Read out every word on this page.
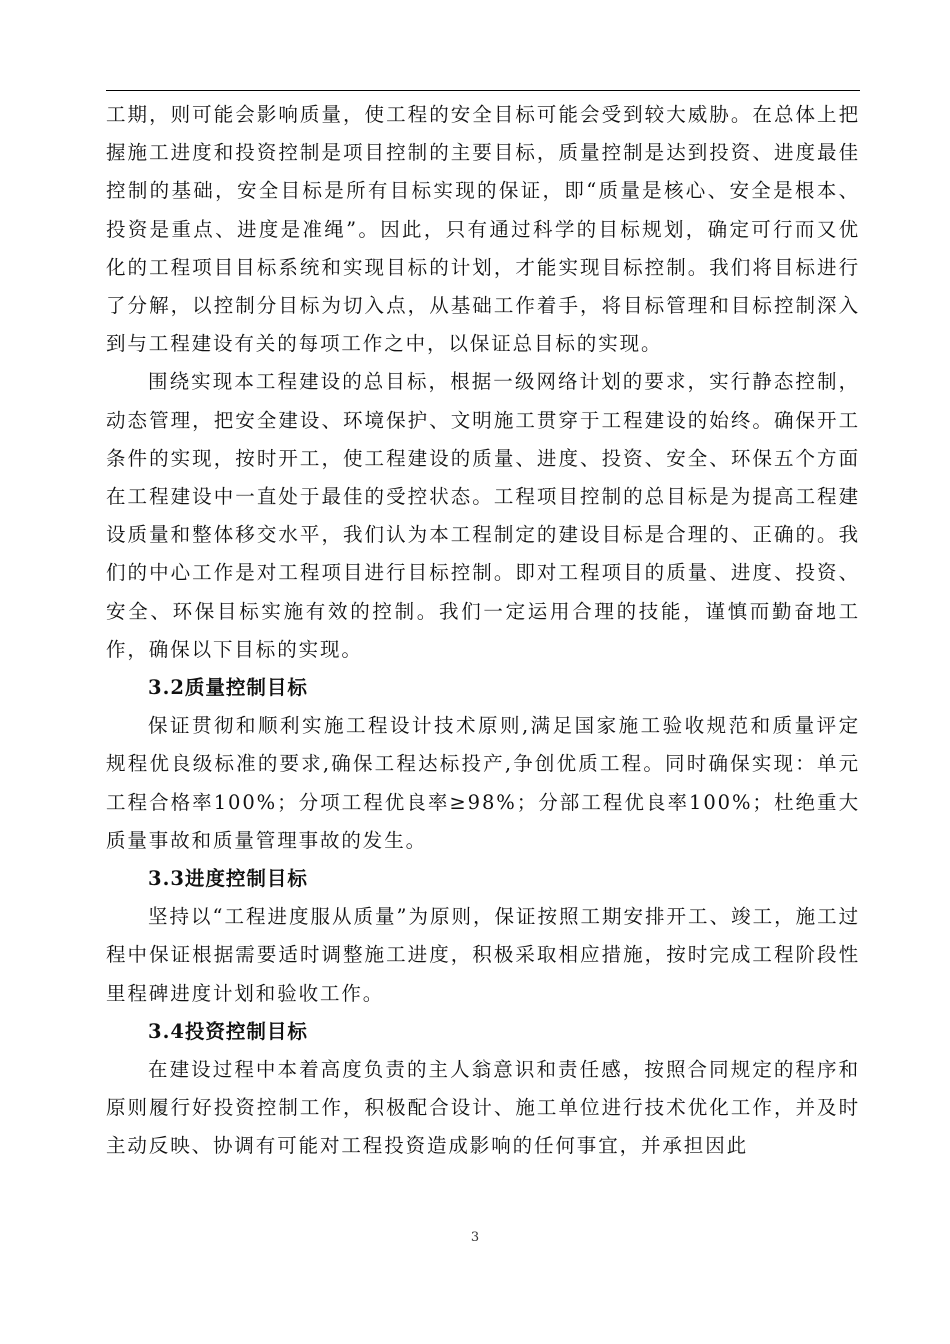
工期，则可能会影响质量，使工程的安全目标可能会受到较大威胁。在总体上把握施工进度和投资控制是项目控制的主要目标，质量控制是达到投资、进度最佳控制的基础，安全目标是所有目标实现的保证，即“质量是核心、安全是根本、投资是重点、进度是准绳”。因此，只有通过科学的目标规划，确定可行而又优化的工程项目目标系统和实现目标的计划，才能实现目标控制。我们将目标进行了分解，以控制分目标为切入点，从基础工作着手，将目标管理和目标控制深入到与工程建设有关的每项工作之中，以保证总目标的实现。

围绕实现本工程建设的总目标，根据一级网络计划的要求，实行静态控制，动态管理，把安全建设、环境保护、文明施工贯穿于工程建设的始终。确保开工条件的实现，按时开工，使工程建设的质量、进度、投资、安全、环保五个方面在工程建设中一直处于最佳的受控状态。工程项目控制的总目标是为提高工程建设质量和整体移交水平，我们认为本工程制定的建设目标是合理的、正确的。我们的中心工作是对工程项目进行目标控制。即对工程项目的质量、进度、投资、安全、环保目标实施有效的控制。我们一定运用合理的技能，谨慎而勤奋地工作，确保以下目标的实现。

3.2质量控制目标

保证贯彻和顺利实施工程设计技术原则,满足国家施工验收规范和质量评定规程优良级标准的要求,确保工程达标投产,争创优质工程。同时确保实现：单元工程合格率100%；分项工程优良率≥98%；分部工程优良率100%；杜绝重大质量事故和质量管理事故的发生。

3.3进度控制目标

坚持以“工程进度服从质量”为原则，保证按照工期安排开工、竣工，施工过程中保证根据需要适时调整施工进度，积极采取相应措施，按时完成工程阶段性里程碑进度计划和验收工作。

3.4投资控制目标

在建设过程中本着高度负责的主人翁意识和责任感，按照合同规定的程序和原则履行好投资控制工作，积极配合设计、施工单位进行技术优化工作，并及时主动反映、协调有可能对工程投资造成影响的任何事宜，并承担因此

3
